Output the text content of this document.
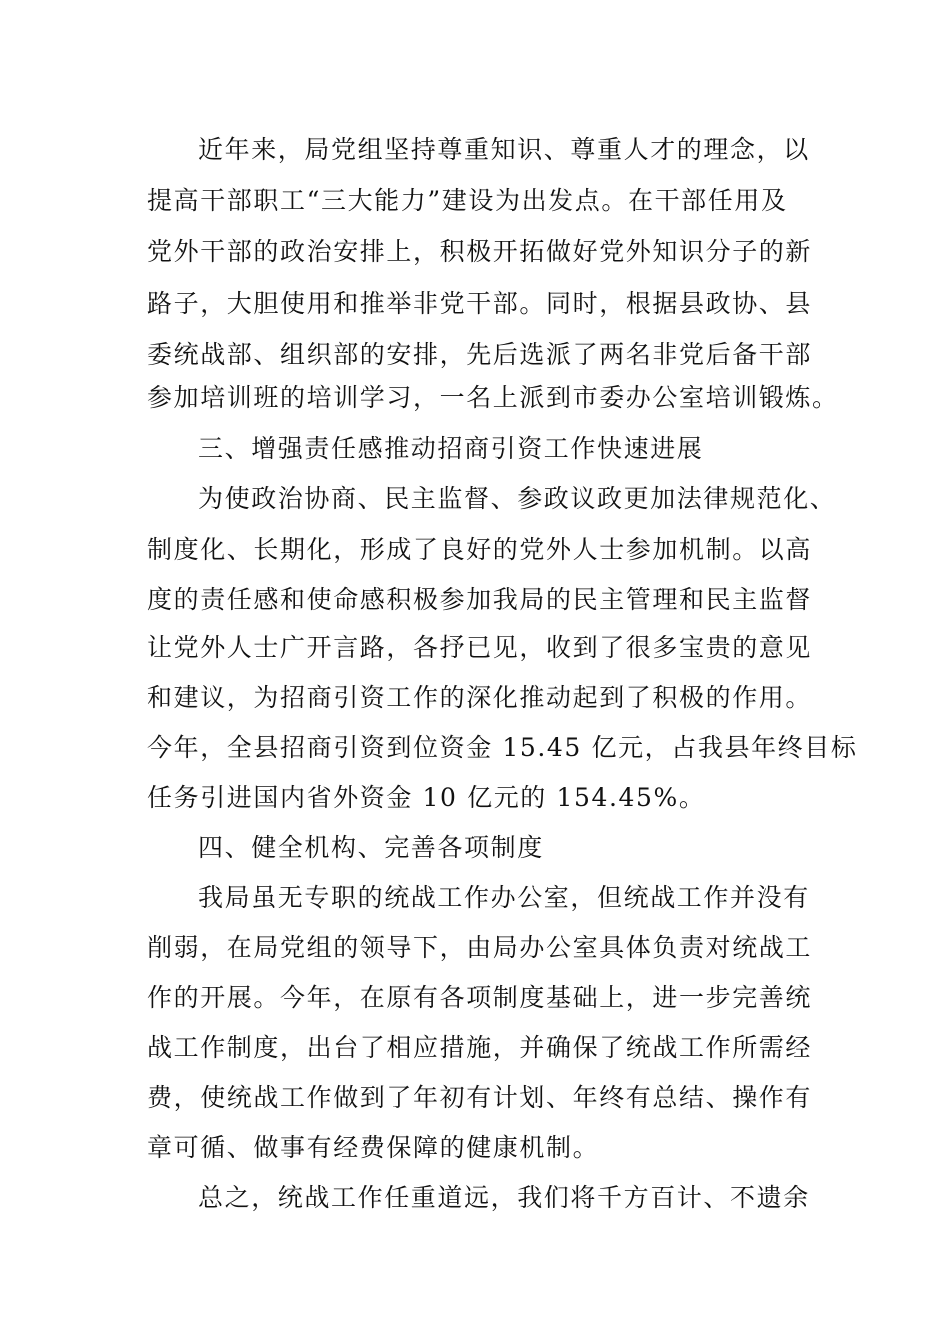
近年来，局党组坚持尊重知识、尊重人才的理念，以
提高干部职工“三大能力”建设为出发点。在干部任用及
党外干部的政治安排上，积极开拓做好党外知识分子的新
路子，大胆使用和推举非党干部。同时，根据县政协、县
委统战部、组织部的安排，先后选派了两名非党后备干部
参加培训班的培训学习，一名上派到市委办公室培训锻炼。
三、增强责任感推动招商引资工作快速进展
为使政治协商、民主监督、参政议政更加法律规范化、
制度化、长期化，形成了良好的党外人士参加机制。以高
度的责任感和使命感积极参加我局的民主管理和民主监督
让党外人士广开言路，各抒已见，收到了很多宝贵的意见
和建议，为招商引资工作的深化推动起到了积极的作用。
今年，全县招商引资到位资金 15.45 亿元，占我县年终目标
任务引进国内省外资金 10 亿元的 154.45%。
四、健全机构、完善各项制度
我局虽无专职的统战工作办公室，但统战工作并没有
削弱，在局党组的领导下，由局办公室具体负责对统战工
作的开展。今年，在原有各项制度基础上，进一步完善统
战工作制度，出台了相应措施，并确保了统战工作所需经
费，使统战工作做到了年初有计划、年终有总结、操作有
章可循、做事有经费保障的健康机制。
总之，统战工作任重道远，我们将千方百计、不遗余
